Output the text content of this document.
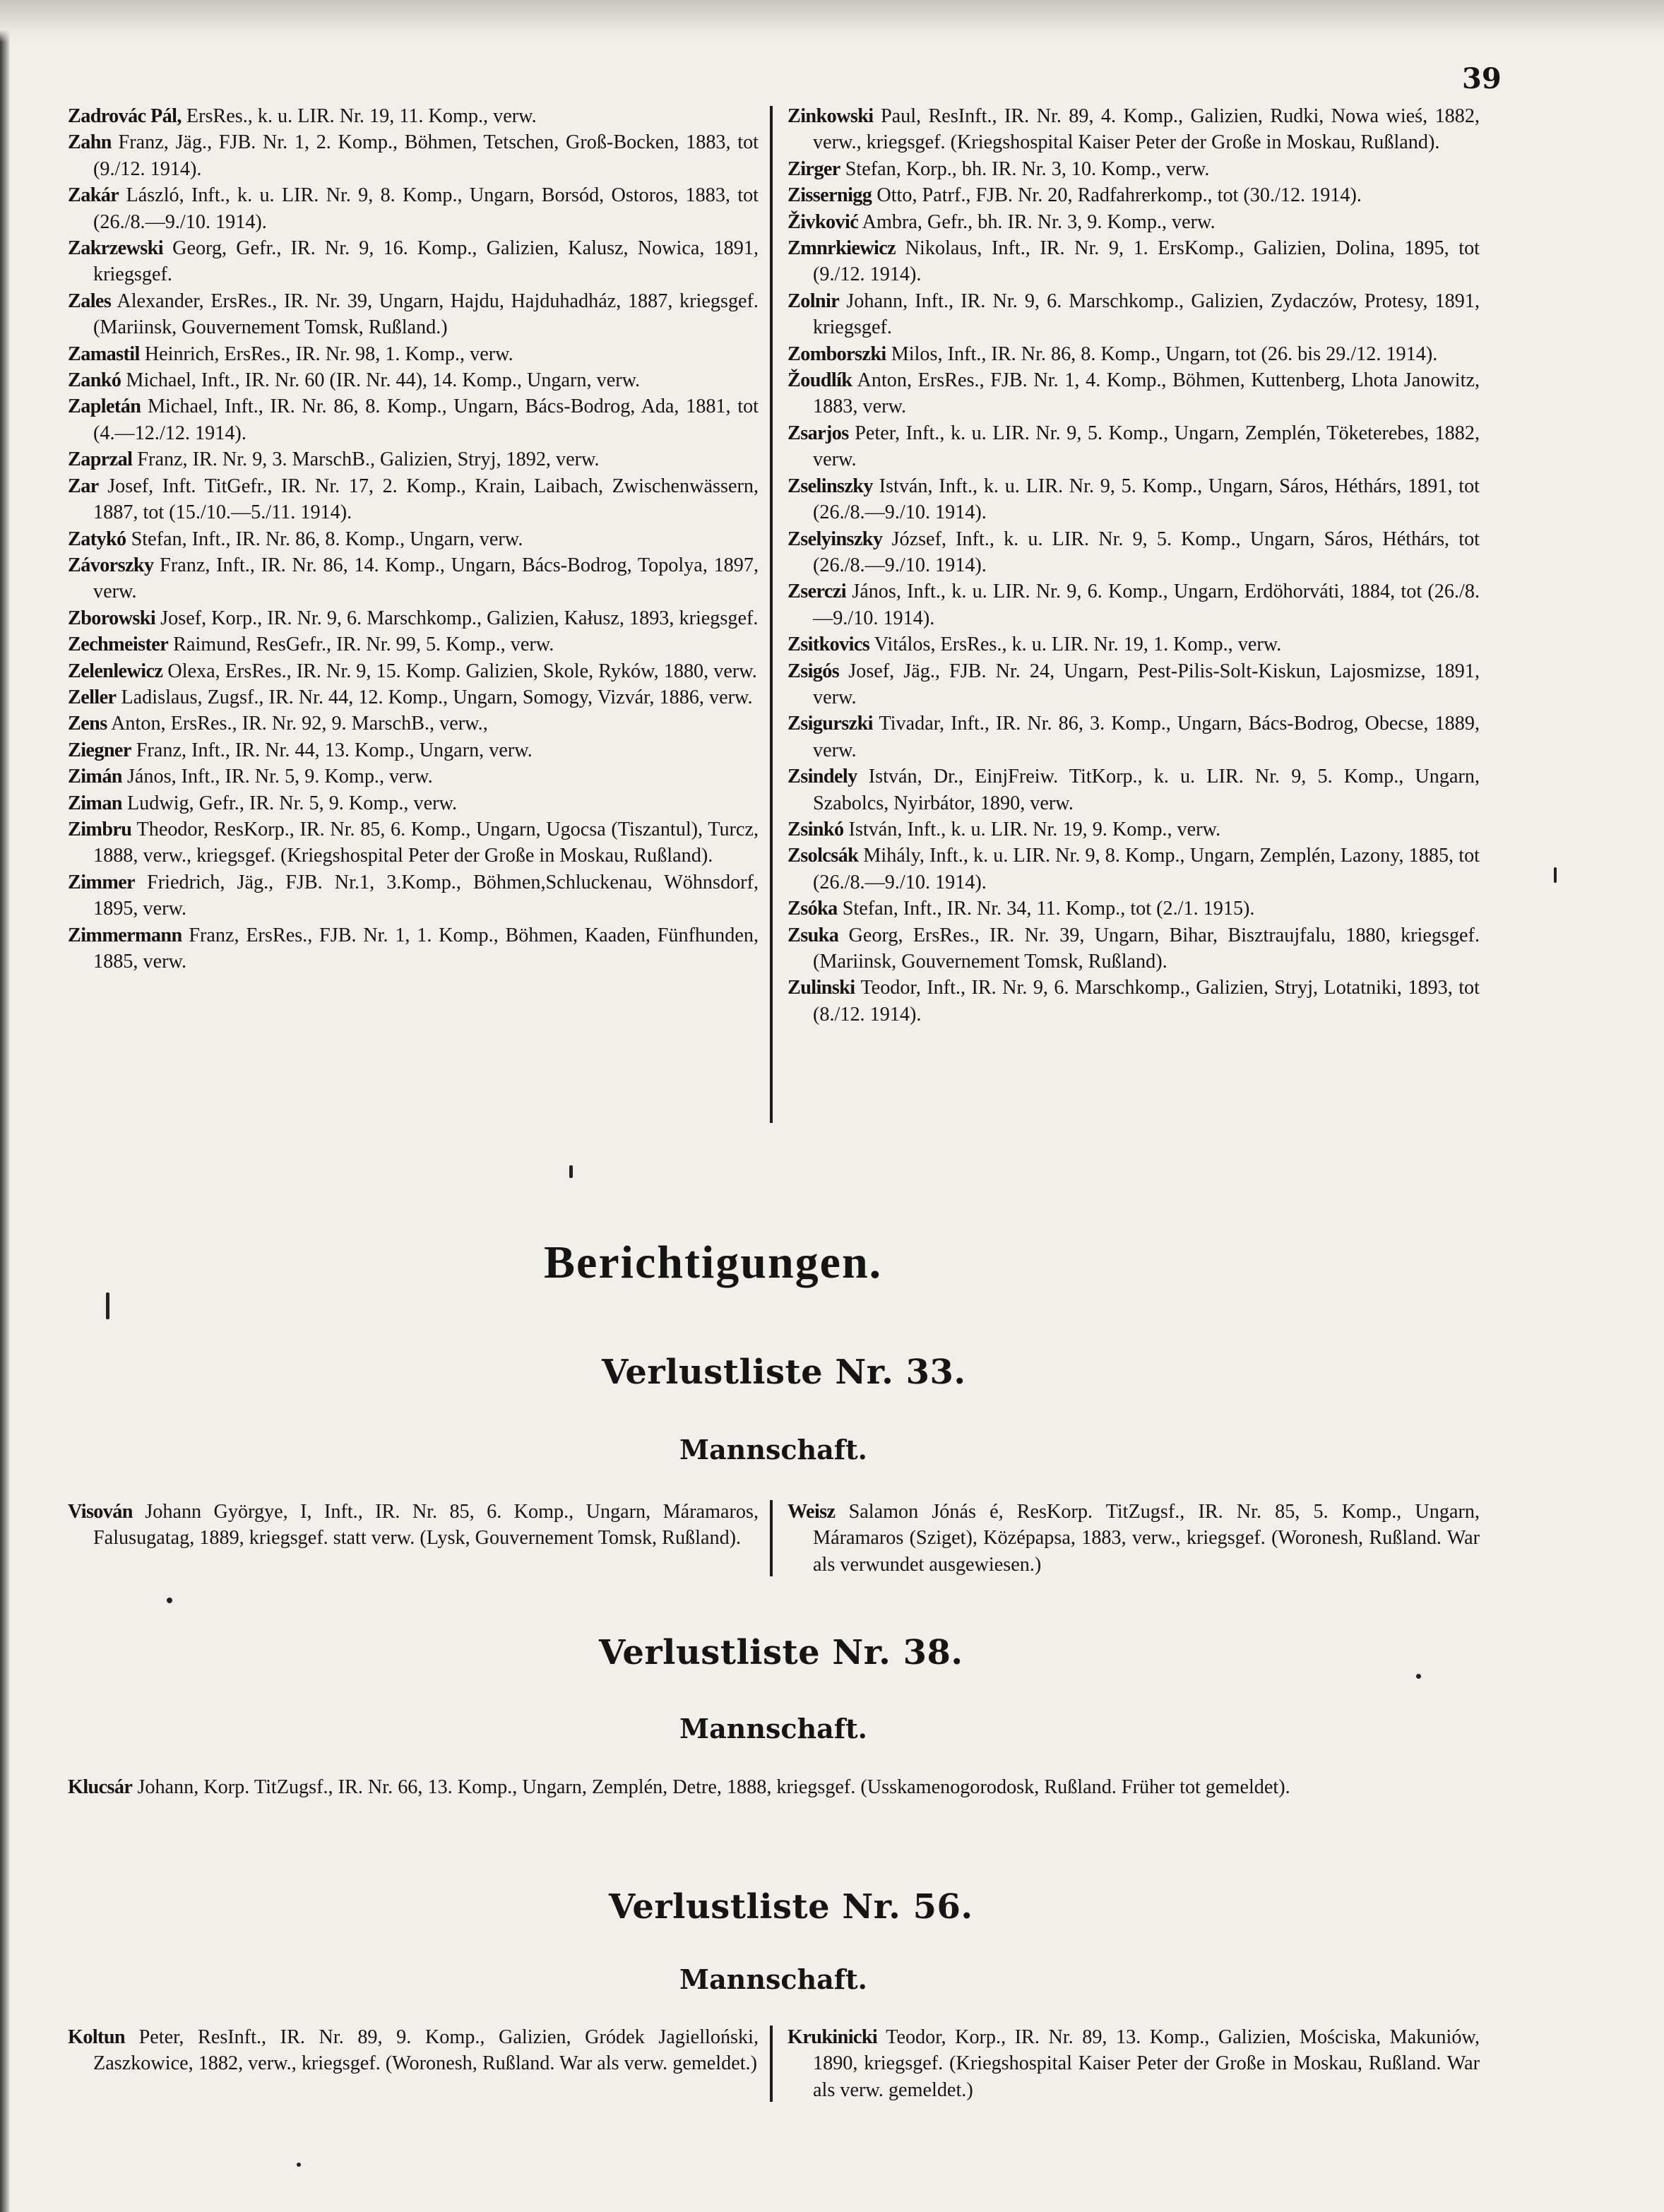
39

Zadrovác Pál, ErsRes., k. u. LIR. Nr. 19, 11. Komp., verw.

Zahn Franz, Jäg., FJB. Nr. 1, 2. Komp., Böhmen, Tetschen, Groß-Bocken, 1883, tot (9./12. 1914).

Zakár László, Inft., k. u. LIR. Nr. 9, 8. Komp., Ungarn, Borsód, Ostoros, 1883, tot (26./8.—9./10. 1914).

Zakrzewski Georg, Gefr., IR. Nr. 9, 16. Komp., Galizien, Kalusz, Nowica, 1891, kriegsgef.

Zales Alexander, ErsRes., IR. Nr. 39, Ungarn, Hajdu, Hajduhadház, 1887, kriegsgef. (Mariinsk, Gouvernement Tomsk, Rußland.)

Zamastil Heinrich, ErsRes., IR. Nr. 98, 1. Komp., verw.

Zankó Michael, Inft., IR. Nr. 60 (IR. Nr. 44), 14. Komp., Ungarn, verw.

Zapletán Michael, Inft., IR. Nr. 86, 8. Komp., Ungarn, Bács-Bodrog, Ada, 1881, tot (4.—12./12. 1914).

Zaprzal Franz, IR. Nr. 9, 3. MarschB., Galizien, Stryj, 1892, verw.

Zar Josef, Inft. TitGefr., IR. Nr. 17, 2. Komp., Krain, Laibach, Zwischenwässern, 1887, tot (15./10.—5./11. 1914).

Zatykó Stefan, Inft., IR. Nr. 86, 8. Komp., Ungarn, verw.

Závorszky Franz, Inft., IR. Nr. 86, 14. Komp., Ungarn, Bács-Bodrog, Topolya, 1897, verw.

Zborowski Josef, Korp., IR. Nr. 9, 6. Marschkomp., Galizien, Kałusz, 1893, kriegsgef.

Zechmeister Raimund, ResGefr., IR. Nr. 99, 5. Komp., verw.

Zelenlewicz Olexa, ErsRes., IR. Nr. 9, 15. Komp. Galizien, Skole, Ryków, 1880, verw.

Zeller Ladislaus, Zugsf., IR. Nr. 44, 12. Komp., Ungarn, Somogy, Vizvár, 1886, verw.

Zens Anton, ErsRes., IR. Nr. 92, 9. MarschB., verw.,

Ziegner Franz, Inft., IR. Nr. 44, 13. Komp., Ungarn, verw.

Zimán János, Inft., IR. Nr. 5, 9. Komp., verw.

Ziman Ludwig, Gefr., IR. Nr. 5, 9. Komp., verw.

Zimbru Theodor, ResKorp., IR. Nr. 85, 6. Komp., Ungarn, Ugocsa (Tiszantul), Turcz, 1888, verw., kriegsgef. (Kriegshospital Peter der Große in Moskau, Rußland).

Zimmer Friedrich, Jäg., FJB. Nr.1, 3.Komp., Böhmen,Schluckenau, Wöhnsdorf, 1895, verw.

Zimmermann Franz, ErsRes., FJB. Nr. 1, 1. Komp., Böhmen, Kaaden, Fünfhunden, 1885, verw.

Zinkowski Paul, ResInft., IR. Nr. 89, 4. Komp., Galizien, Rudki, Nowa wieś, 1882, verw., kriegsgef. (Kriegshospital Kaiser Peter der Große in Moskau, Rußland).

Zirger Stefan, Korp., bh. IR. Nr. 3, 10. Komp., verw.

Zissernigg Otto, Patrf., FJB. Nr. 20, Radfahrerkomp., tot (30./12. 1914).

Živković Ambra, Gefr., bh. IR. Nr. 3, 9. Komp., verw.

Zmnrkiewicz Nikolaus, Inft., IR. Nr. 9, 1. ErsKomp., Galizien, Dolina, 1895, tot (9./12. 1914).

Zolnir Johann, Inft., IR. Nr. 9, 6. Marschkomp., Galizien, Zydaczów, Protesy, 1891, kriegsgef.

Zomborszki Milos, Inft., IR. Nr. 86, 8. Komp., Ungarn, tot (26. bis 29./12. 1914).

Žoudlík Anton, ErsRes., FJB. Nr. 1, 4. Komp., Böhmen, Kuttenberg, Lhota Janowitz, 1883, verw.

Zsarjos Peter, Inft., k. u. LIR. Nr. 9, 5. Komp., Ungarn, Zemplén, Töketerebes, 1882, verw.

Zselinszky István, Inft., k. u. LIR. Nr. 9, 5. Komp., Ungarn, Sáros, Héthárs, 1891, tot (26./8.—9./10. 1914).

Zselyinszky József, Inft., k. u. LIR. Nr. 9, 5. Komp., Ungarn, Sáros, Héthárs, tot (26./8.—9./10. 1914).

Zserczi János, Inft., k. u. LIR. Nr. 9, 6. Komp., Ungarn, Erdöhorváti, 1884, tot (26./8.—9./10. 1914).

Zsitkovics Vitálos, ErsRes., k. u. LIR. Nr. 19, 1. Komp., verw.

Zsigós Josef, Jäg., FJB. Nr. 24, Ungarn, Pest-Pilis-Solt-Kiskun, Lajosmizse, 1891, verw.

Zsigurszki Tivadar, Inft., IR. Nr. 86, 3. Komp., Ungarn, Bács-Bodrog, Obecse, 1889, verw.

Zsindely István, Dr., EinjFreiw. TitKorp., k. u. LIR. Nr. 9, 5. Komp., Ungarn, Szabolcs, Nyirbátor, 1890, verw.

Zsinkó István, Inft., k. u. LIR. Nr. 19, 9. Komp., verw.

Zsolcsák Mihály, Inft., k. u. LIR. Nr. 9, 8. Komp., Ungarn, Zemplén, Lazony, 1885, tot (26./8.—9./10. 1914).

Zsóka Stefan, Inft., IR. Nr. 34, 11. Komp., tot (2./1. 1915).

Zsuka Georg, ErsRes., IR. Nr. 39, Ungarn, Bihar, Bisztraujfalu, 1880, kriegsgef. (Mariinsk, Gouvernement Tomsk, Rußland).

Zulinski Teodor, Inft., IR. Nr. 9, 6. Marschkomp., Galizien, Stryj, Lotatniki, 1893, tot (8./12. 1914).

Berichtigungen.
Verlustliste Nr. 33.
Mannschaft.

Visován Johann Györgye, I, Inft., IR. Nr. 85, 6. Komp., Ungarn, Máramaros, Falusugatag, 1889, kriegsgef. statt verw. (Lysk, Gouvernement Tomsk, Rußland).

Weisz Salamon Jónás é, ResKorp. TitZugsf., IR. Nr. 85, 5. Komp., Ungarn, Máramaros (Sziget), Középapsa, 1883, verw., kriegsgef. (Woronesh, Rußland. War als verwundet ausgewiesen.)

Verlustliste Nr. 38.
Mannschaft.

Klucsár Johann, Korp. TitZugsf., IR. Nr. 66, 13. Komp., Ungarn, Zemplén, Detre, 1888, kriegsgef. (Usskamenogorodosk, Rußland. Früher tot gemeldet).

Verlustliste Nr. 56.
Mannschaft.

Koltun Peter, ResInft., IR. Nr. 89, 9. Komp., Galizien, Gródek Jagielloński, Zaszkowice, 1882, verw., kriegsgef. (Woronesh, Rußland. War als verw. gemeldet.)

Krukinicki Teodor, Korp., IR. Nr. 89, 13. Komp., Galizien, Mościska, Makuniów, 1890, kriegsgef. (Kriegshospital Kaiser Peter der Große in Moskau, Rußland. War als verw. gemeldet.)
